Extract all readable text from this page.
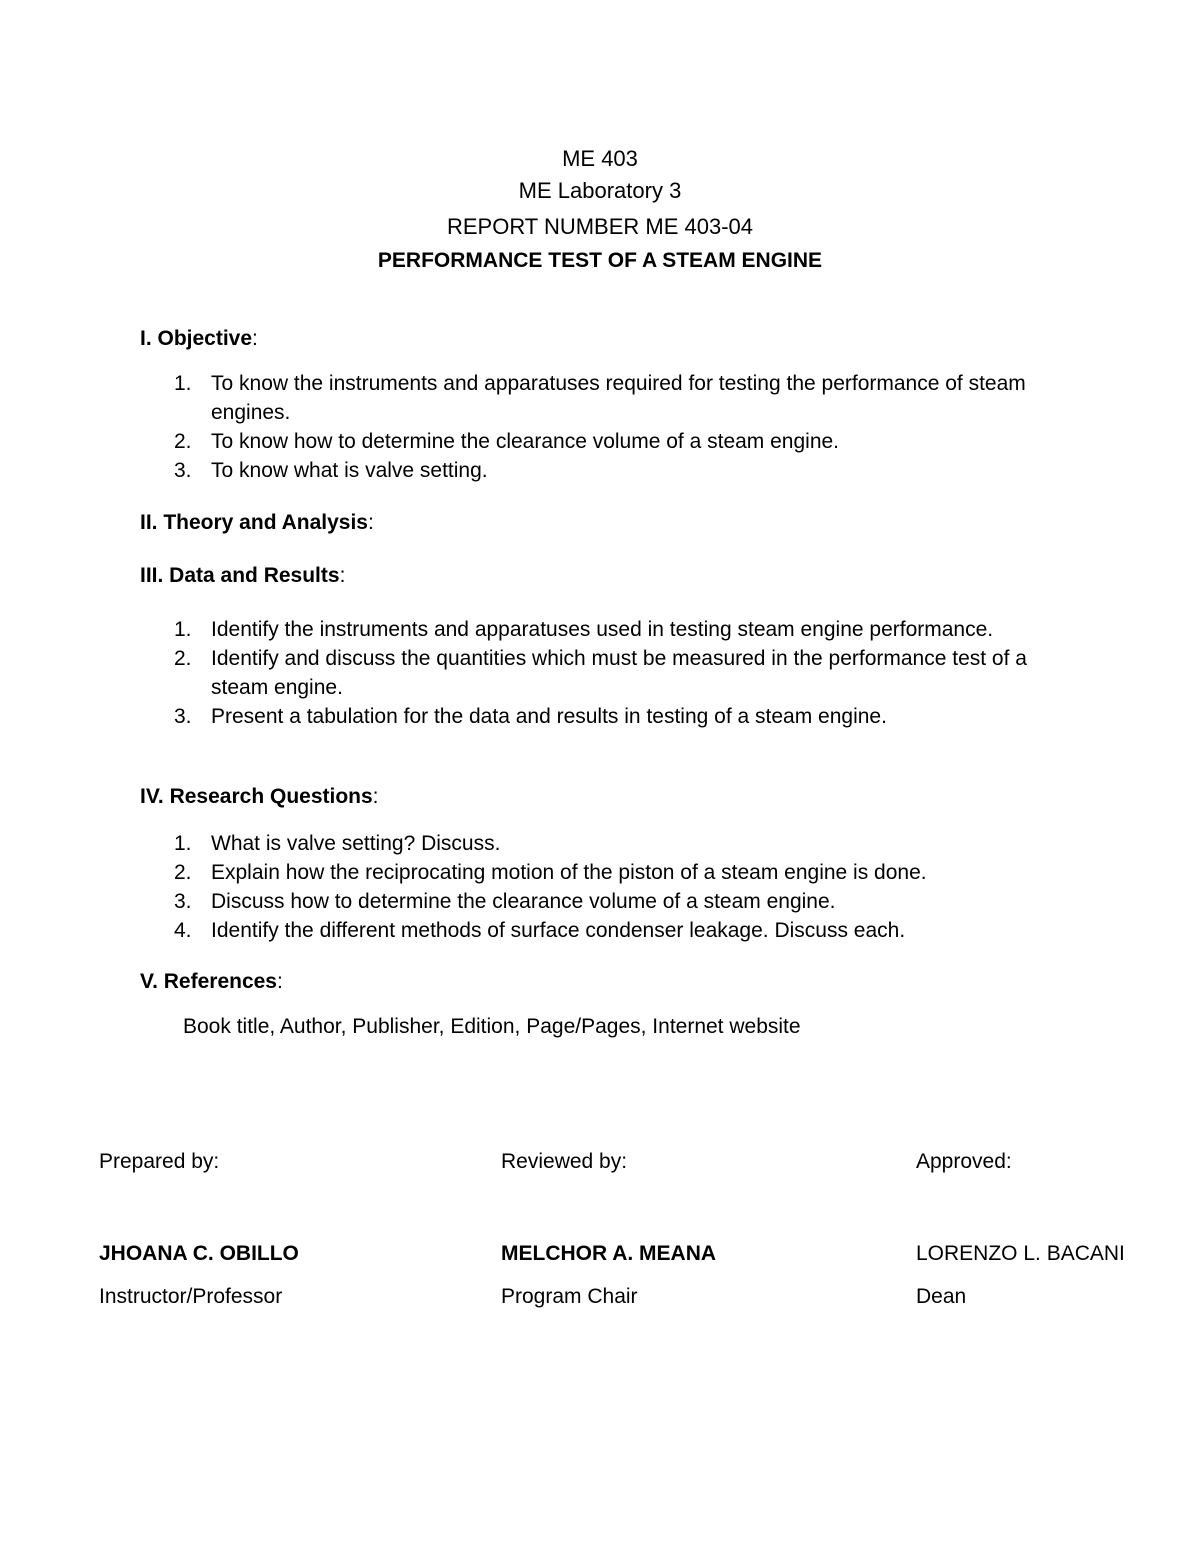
ME 403
ME Laboratory 3
REPORT NUMBER ME 403-04
PERFORMANCE TEST OF A STEAM ENGINE
I. Objective:
1. To know the instruments and apparatuses required for testing the performance of steam engines.
2. To know how to determine the clearance volume of a steam engine.
3. To know what is valve setting.
II. Theory and Analysis:
III. Data and Results:
1. Identify the instruments and apparatuses used in testing steam engine performance.
2. Identify and discuss the quantities which must be measured in the performance test of a steam engine.
3. Present a tabulation for the data and results in testing of a steam engine.
IV. Research Questions:
1. What is valve setting? Discuss.
2. Explain how the reciprocating motion of the piston of a steam engine is done.
3. Discuss how to determine the clearance volume of a steam engine.
4. Identify the different methods of surface condenser leakage. Discuss each.
V. References:
Book title, Author, Publisher, Edition, Page/Pages, Internet website
Prepared by:	Reviewed by:	Approved:
JHOANA C. OBILLO	MELCHOR A. MEANA	LORENZO L. BACANI
Instructor/Professor	Program Chair	Dean
